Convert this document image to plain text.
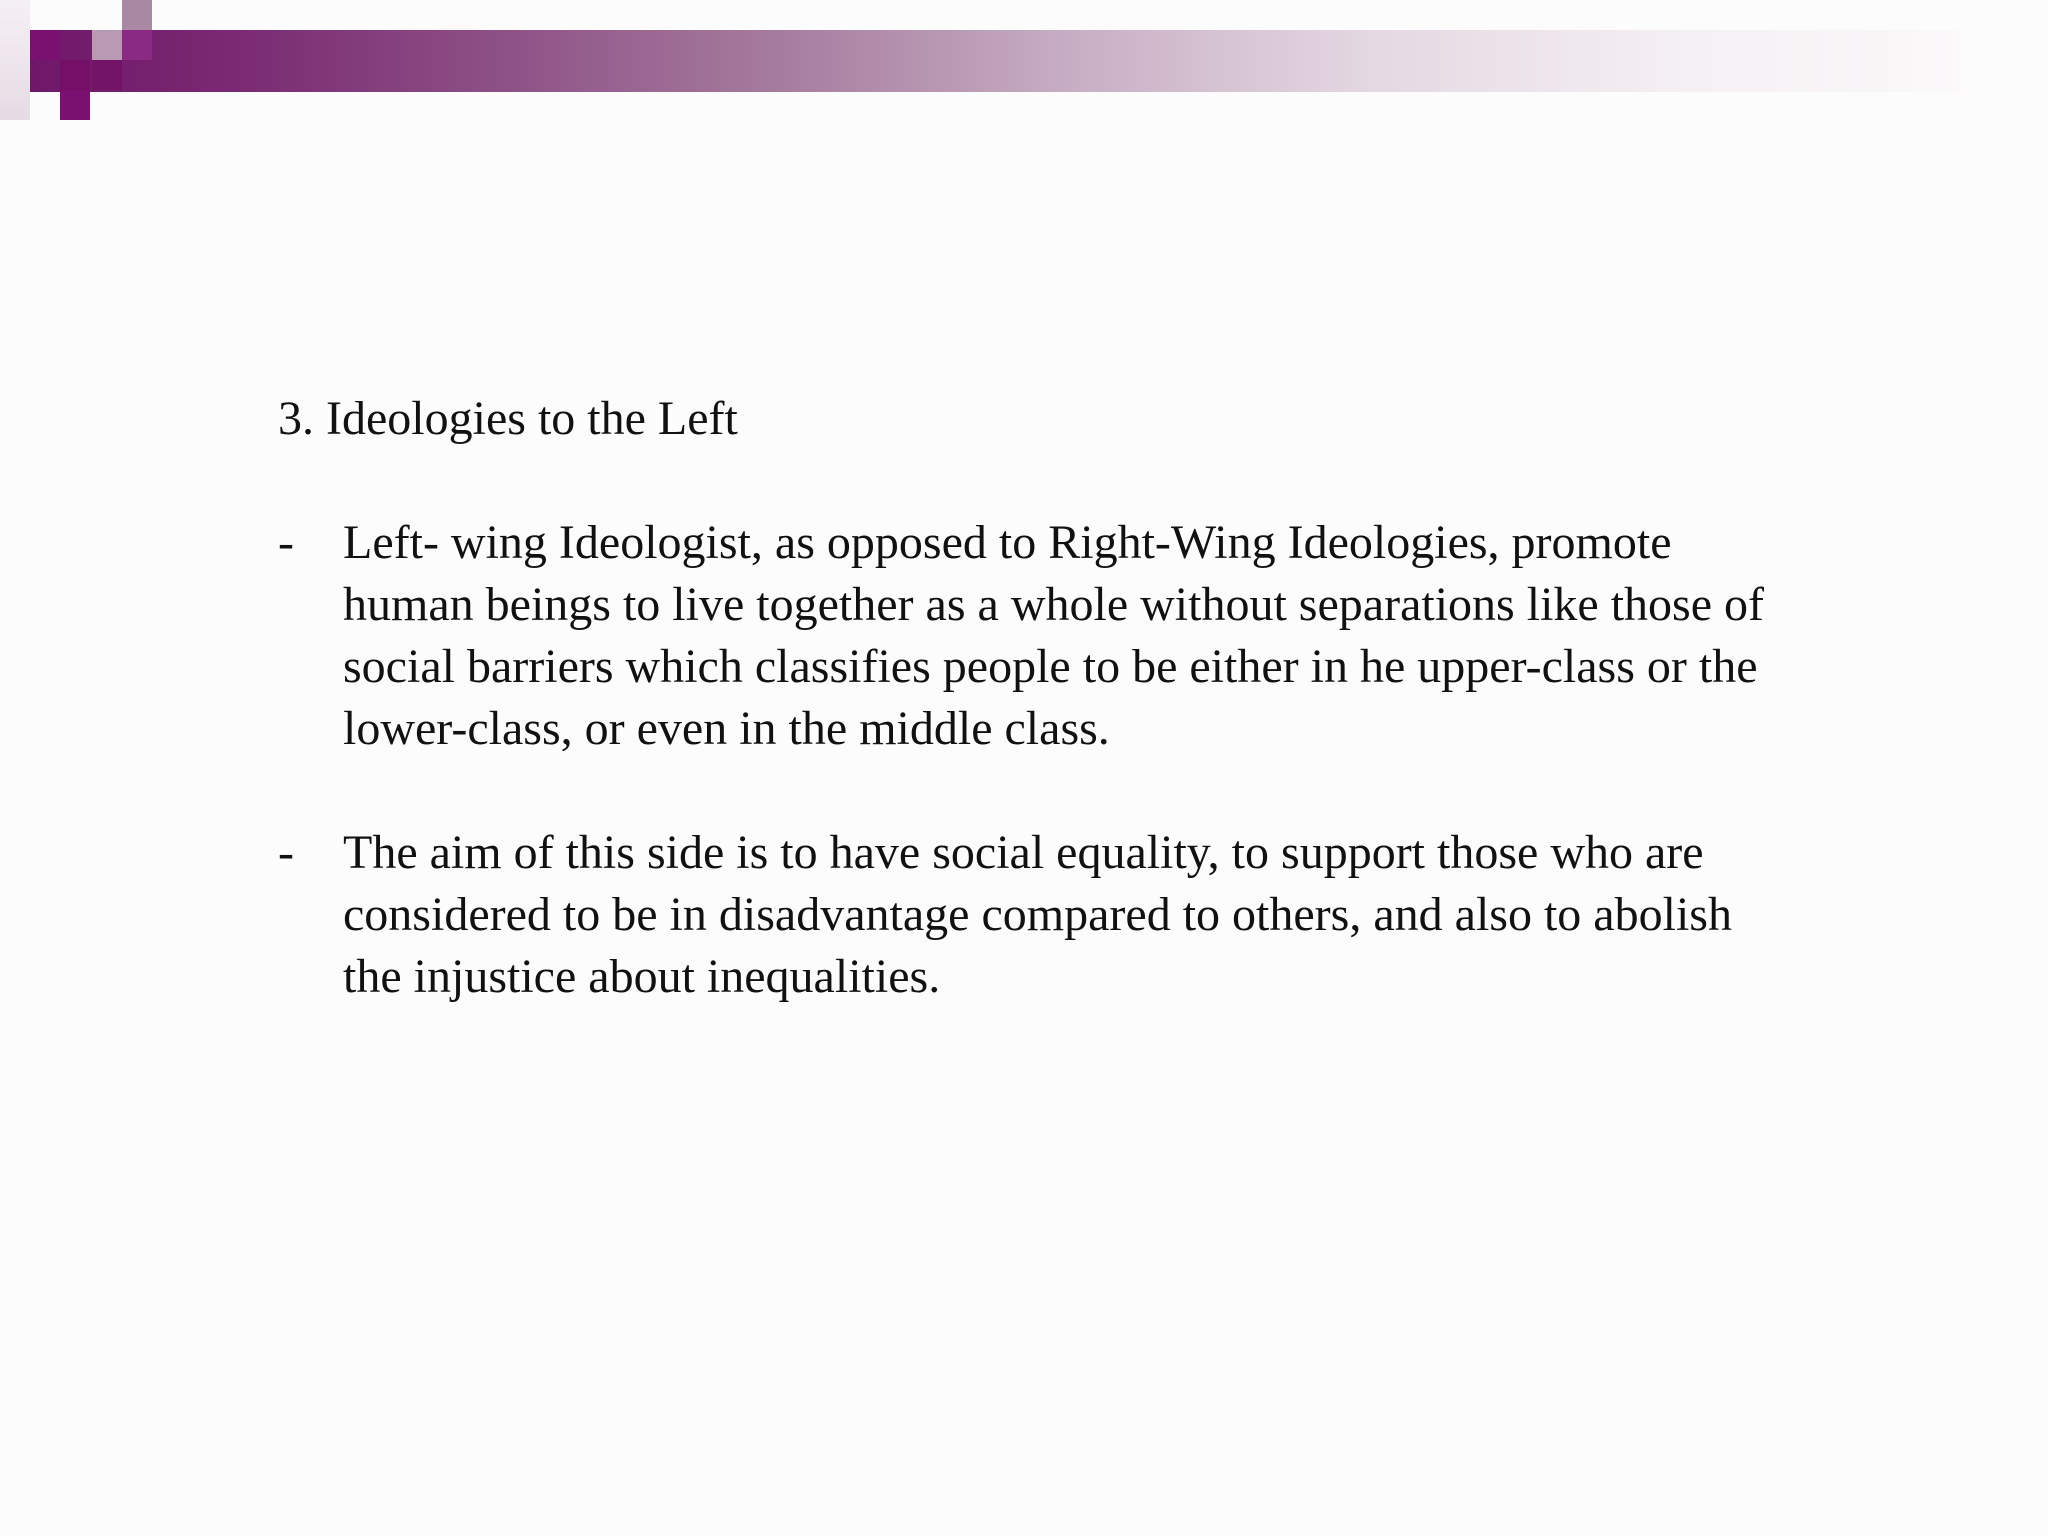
3. Ideologies to the Left
- Left- wing Ideologist, as opposed to Right-Wing Ideologies, promote human beings to live together as a whole without separations like those of social barriers which classifies people to be either in he upper-class or the lower-class, or even in the middle class.
- The aim of this side is to have social equality, to support those who are considered to be in disadvantage compared to others, and also to abolish the injustice about inequalities.
